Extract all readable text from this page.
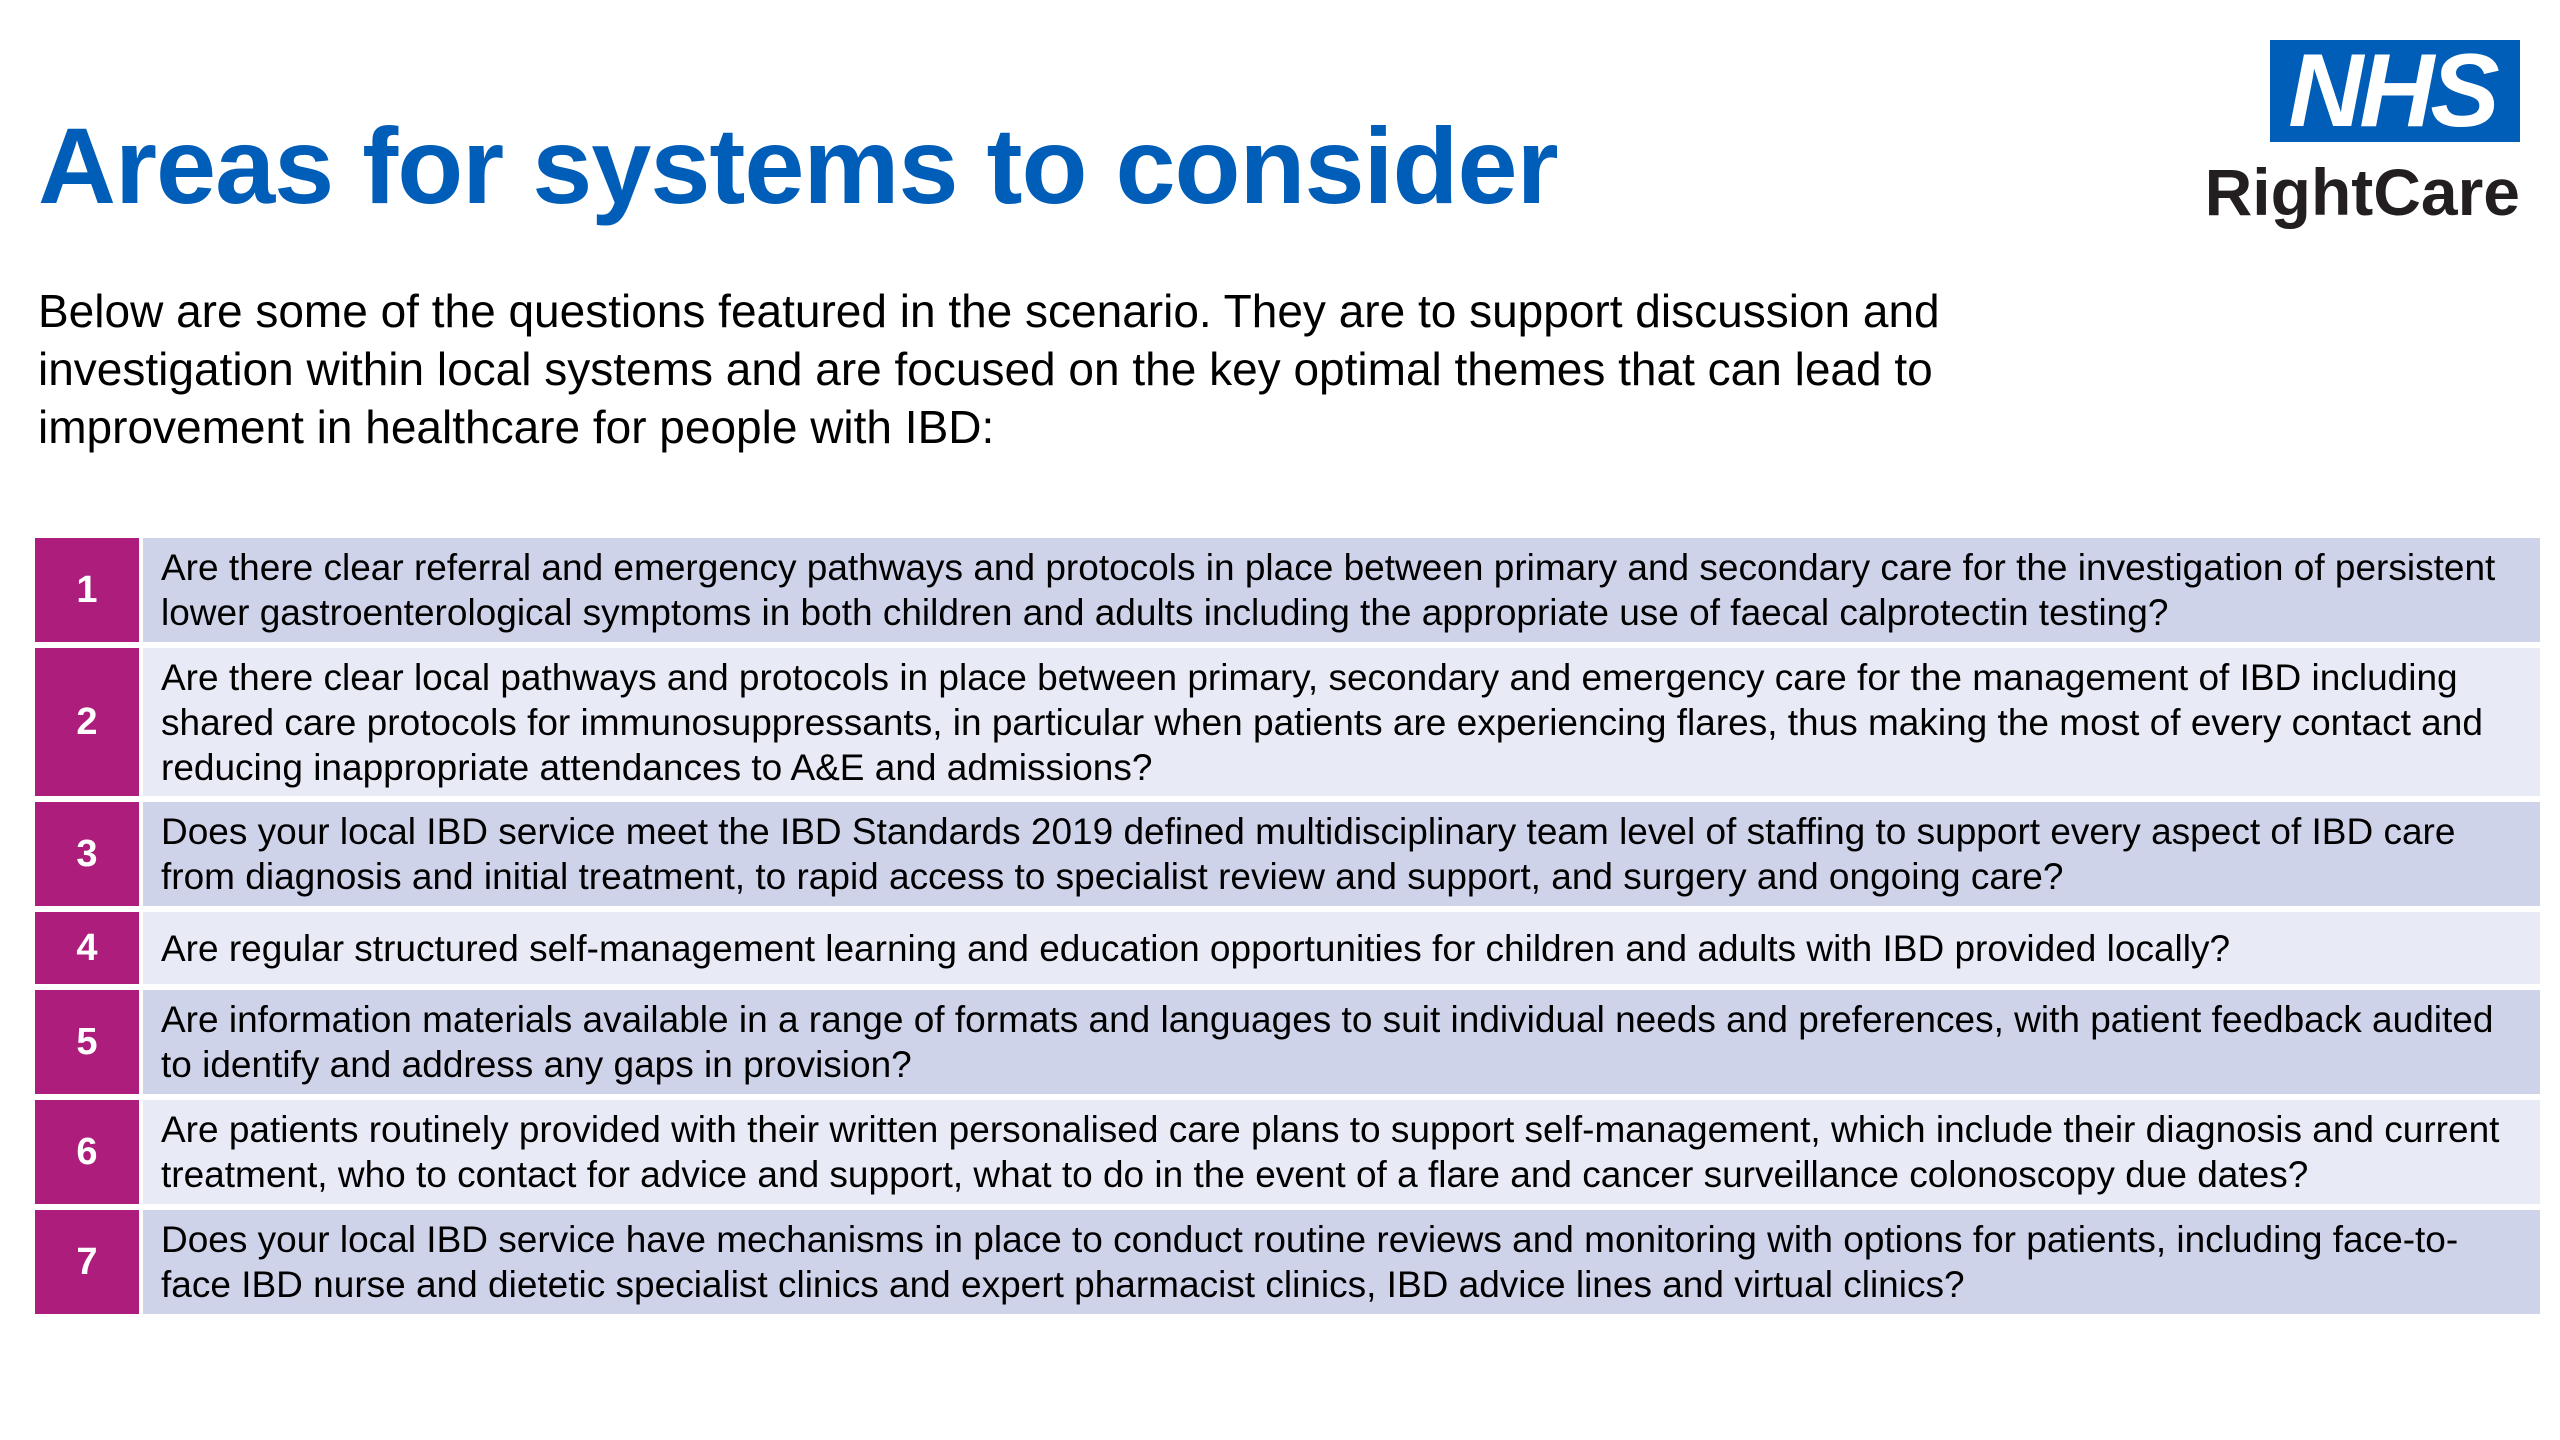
Areas for systems to consider
NHS
RightCare

Below are some of the questions featured in the scenario. They are to support discussion and investigation within local systems and are focused on the key optimal themes that can lead to improvement in healthcare for people with IBD:

1
Are there clear referral and emergency pathways and protocols in place between primary and secondary care for the investigation of persistent lower gastroenterological symptoms in both children and adults including the appropriate use of faecal calprotectin testing?
2
Are there clear local pathways and protocols in place between primary, secondary and emergency care for the management of IBD including shared care protocols for immunosuppressants, in particular when patients are experiencing flares, thus making the most of every contact and reducing inappropriate attendances to A&E and admissions?
3
Does your local IBD service meet the IBD Standards 2019 defined multidisciplinary team level of staffing to support every aspect of IBD care from diagnosis and initial treatment, to rapid access to specialist review and support, and surgery and ongoing care?
4	Are regular structured self-management learning and education opportunities for children and adults with IBD provided locally?
5
Are information materials available in a range of formats and languages to suit individual needs and preferences, with patient feedback audited to identify and address any gaps in provision?
6
Are patients routinely provided with their written personalised care plans to support self-management, which include their diagnosis and current treatment, who to contact for advice and support, what to do in the event of a flare and cancer surveillance colonoscopy due dates?
7
Does your local IBD service have mechanisms in place to conduct routine reviews and monitoring with options for patients, including face-to-face IBD nurse and dietetic specialist clinics and expert pharmacist clinics, IBD advice lines and virtual clinics?
